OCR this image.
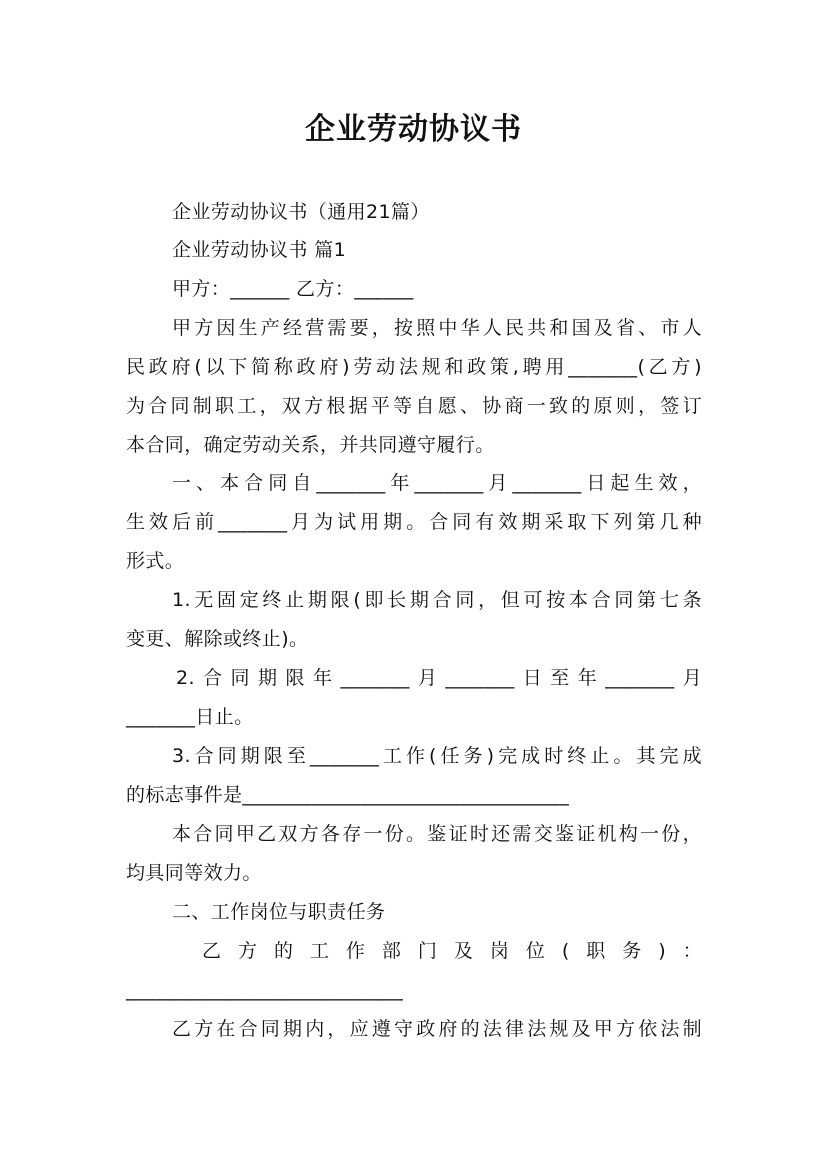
企业劳动协议书
企业劳动协议书（通用21篇）
企业劳动协议书 篇1
甲方：______ 乙方：______
甲方因生产经营需要，按照中华人民共和国及省、市人
民政府(以下简称政府)劳动法规和政策,聘用_______(乙方)
为合同制职工，双方根据平等自愿、协商一致的原则，签订
本合同，确定劳动关系，并共同遵守履行。
一、本合同自_______年_______月_______日起生效，
生效后前_______月为试用期。合同有效期采取下列第几种
形式。
1.无固定终止期限(即长期合同，但可按本合同第七条
变更、解除或终止)。
2.合同期限年_______月_______日至年_______月
_______日止。
3.合同期限至_______工作(任务)完成时终止。其完成
的标志事件是_________________________________
本合同甲乙双方各存一份。鉴证时还需交鉴证机构一份，
均具同等效力。
二、工作岗位与职责任务
乙方的工作部门及岗位(职务)：
____________________________
乙方在合同期内，应遵守政府的法律法规及甲方依法制
